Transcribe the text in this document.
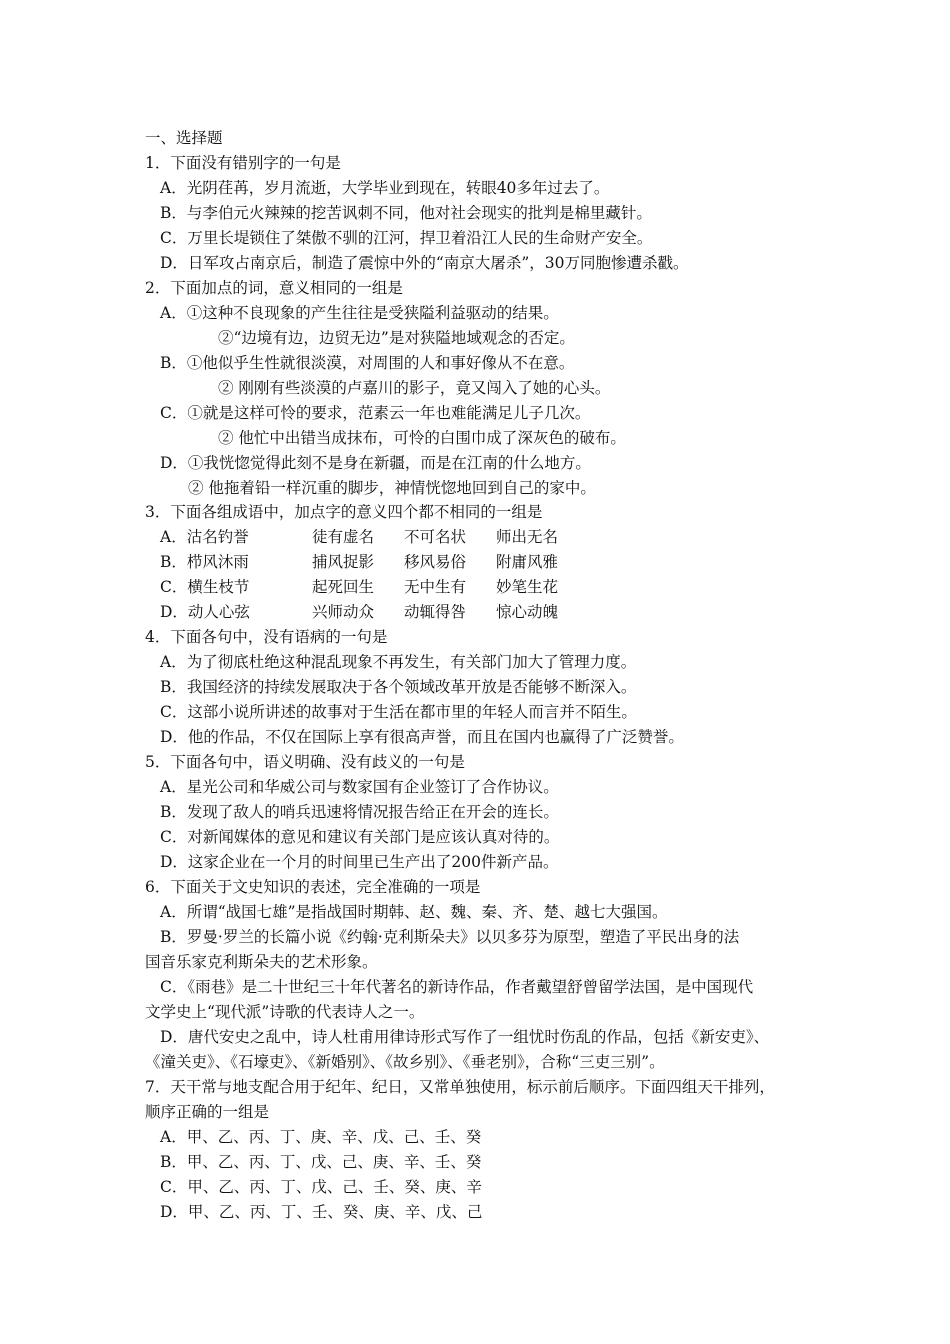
一、选择题
1．下面没有错别字的一句是
A．光阴荏苒，岁月流逝，大学毕业到现在，转眼40多年过去了。
B．与李伯元火辣辣的挖苦讽刺不同，他对社会现实的批判是棉里藏针。
C．万里长堤锁住了桀傲不驯的江河，捍卫着沿江人民的生命财产安全。
D．日军攻占南京后，制造了震惊中外的“南京大屠杀”，30万同胞惨遭杀戳。
2．下面加点的词，意义相同的一组是
A．①这种不良现象的产生往往是受狭隘利益驱动的结果。
②“边境有边，边贸无边”是对狭隘地域观念的否定。
B．①他似乎生性就很淡漠，对周围的人和事好像从不在意。
② 刚刚有些淡漠的卢嘉川的影子，竟又闯入了她的心头。
C．①就是这样可怜的要求，范素云一年也难能满足儿子几次。
② 他忙中出错当成抹布，可怜的白围巾成了深灰色的破布。
D．①我恍惚觉得此刻不是身在新疆，而是在江南的什么地方。
② 他拖着铅一样沉重的脚步，神情恍惚地回到自己的家中。
3．下面各组成语中，加点字的意义四个都不相同的一组是
A．沽名钓誉	徒有虚名 不可名状 师出无名
B．栉风沐雨	捕风捉影 移风易俗 附庸风雅
C．横生枝节	起死回生 无中生有 妙笔生花
D．动人心弦	兴师动众 动辄得咎 惊心动魄
4．下面各句中，没有语病的一句是
A．为了彻底杜绝这种混乱现象不再发生，有关部门加大了管理力度。
B．我国经济的持续发展取决于各个领域改革开放是否能够不断深入。
C．这部小说所讲述的故事对于生活在都市里的年轻人而言并不陌生。
D．他的作品，不仅在国际上享有很高声誉，而且在国内也赢得了广泛赞誉。
5．下面各句中，语义明确、没有歧义的一句是
A．星光公司和华威公司与数家国有企业签订了合作协议。
B．发现了敌人的哨兵迅速将情况报告给正在开会的连长。
C．对新闻媒体的意见和建议有关部门是应该认真对待的。
D．这家企业在一个月的时间里已生产出了200件新产品。
6．下面关于文史知识的表述，完全准确的一项是
A．所谓“战国七雄”是指战国时期韩、赵、魏、秦、齐、楚、越七大强国。
B．罗曼·罗兰的长篇小说《约翰·克利斯朵夫》以贝多芬为原型，塑造了平民出身的法
国音乐家克利斯朵夫的艺术形象。
C．《雨巷》是二十世纪三十年代著名的新诗作品，作者戴望舒曾留学法国，是中国现代
文学史上“现代派”诗歌的代表诗人之一。
D．唐代安史之乱中，诗人杜甫用律诗形式写作了一组忧时伤乱的作品，包括《新安吏》、
《潼关吏》、《石壕吏》、《新婚别》、《故乡别》、《垂老别》，合称“三吏三别”。
7．天干常与地支配合用于纪年、纪日，又常单独使用，标示前后顺序。下面四组天干排列，
顺序正确的一组是
A．甲、乙、丙、丁、庚、辛、戊、己、壬、癸
B．甲、乙、丙、丁、戊、己、庚、辛、壬、癸
C．甲、乙、丙、丁、戊、己、壬、癸、庚、辛
D．甲、乙、丙、丁、壬、癸、庚、辛、戊、己
